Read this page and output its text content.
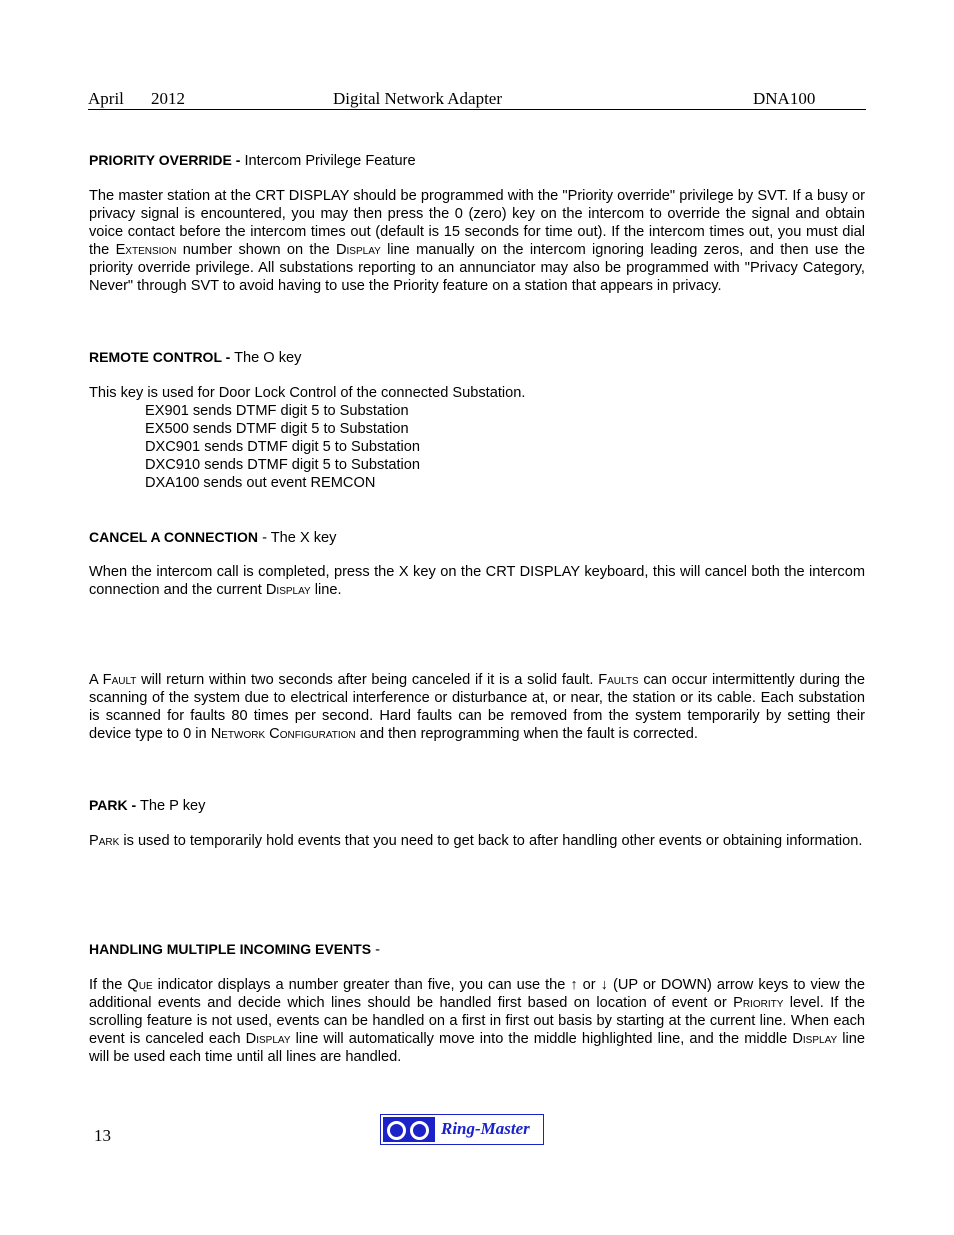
April 2012	Digital Network Adapter	DNA100
PRIORITY OVERRIDE - Intercom Privilege Feature
The master station at the CRT DISPLAY should be programmed with the "Priority override" privilege by SVT. If a busy or privacy signal is encountered, you may then press the 0 (zero) key on the intercom to override the signal and obtain voice contact before the intercom times out (default is 15 seconds for time out). If the intercom times out, you must dial the Extension number shown on the Display line manually on the intercom ignoring leading zeros, and then use the priority override privilege. All substations reporting to an annunciator may also be programmed with "Privacy Category, Never" through SVT to avoid having to use the Priority feature on a station that appears in privacy.
REMOTE CONTROL - The O key
This key is used for Door Lock Control of the connected Substation.
EX901 sends DTMF digit 5 to Substation
EX500 sends DTMF digit 5 to Substation
DXC901 sends DTMF digit 5 to Substation
DXC910 sends DTMF digit 5 to Substation
DXA100 sends out event REMCON
CANCEL A CONNECTION - The X key
When the intercom call is completed, press the X key on the CRT DISPLAY keyboard, this will cancel both the intercom connection and the current Display line.
A Fault will return within two seconds after being canceled if it is a solid fault. Faults can occur intermittently during the scanning of the system due to electrical interference or disturbance at, or near, the station or its cable. Each substation is scanned for faults 80 times per second. Hard faults can be removed from the system temporarily by setting their device type to 0 in Network Configuration and then reprogramming when the fault is corrected.
PARK - The P key
Park is used to temporarily hold events that you need to get back to after handling other events or obtaining information.
HANDLING MULTIPLE INCOMING EVENTS -
If the Que indicator displays a number greater than five, you can use the ↑ or ↓ (UP or DOWN) arrow keys to view the additional events and decide which lines should be handled first based on location of event or Priority level. If the scrolling feature is not used, events can be handled on a first in first out basis by starting at the current line. When each event is canceled each Display line will automatically move into the middle highlighted line, and the middle Display line will be used each time until all lines are handled.
13	Ring-Master
